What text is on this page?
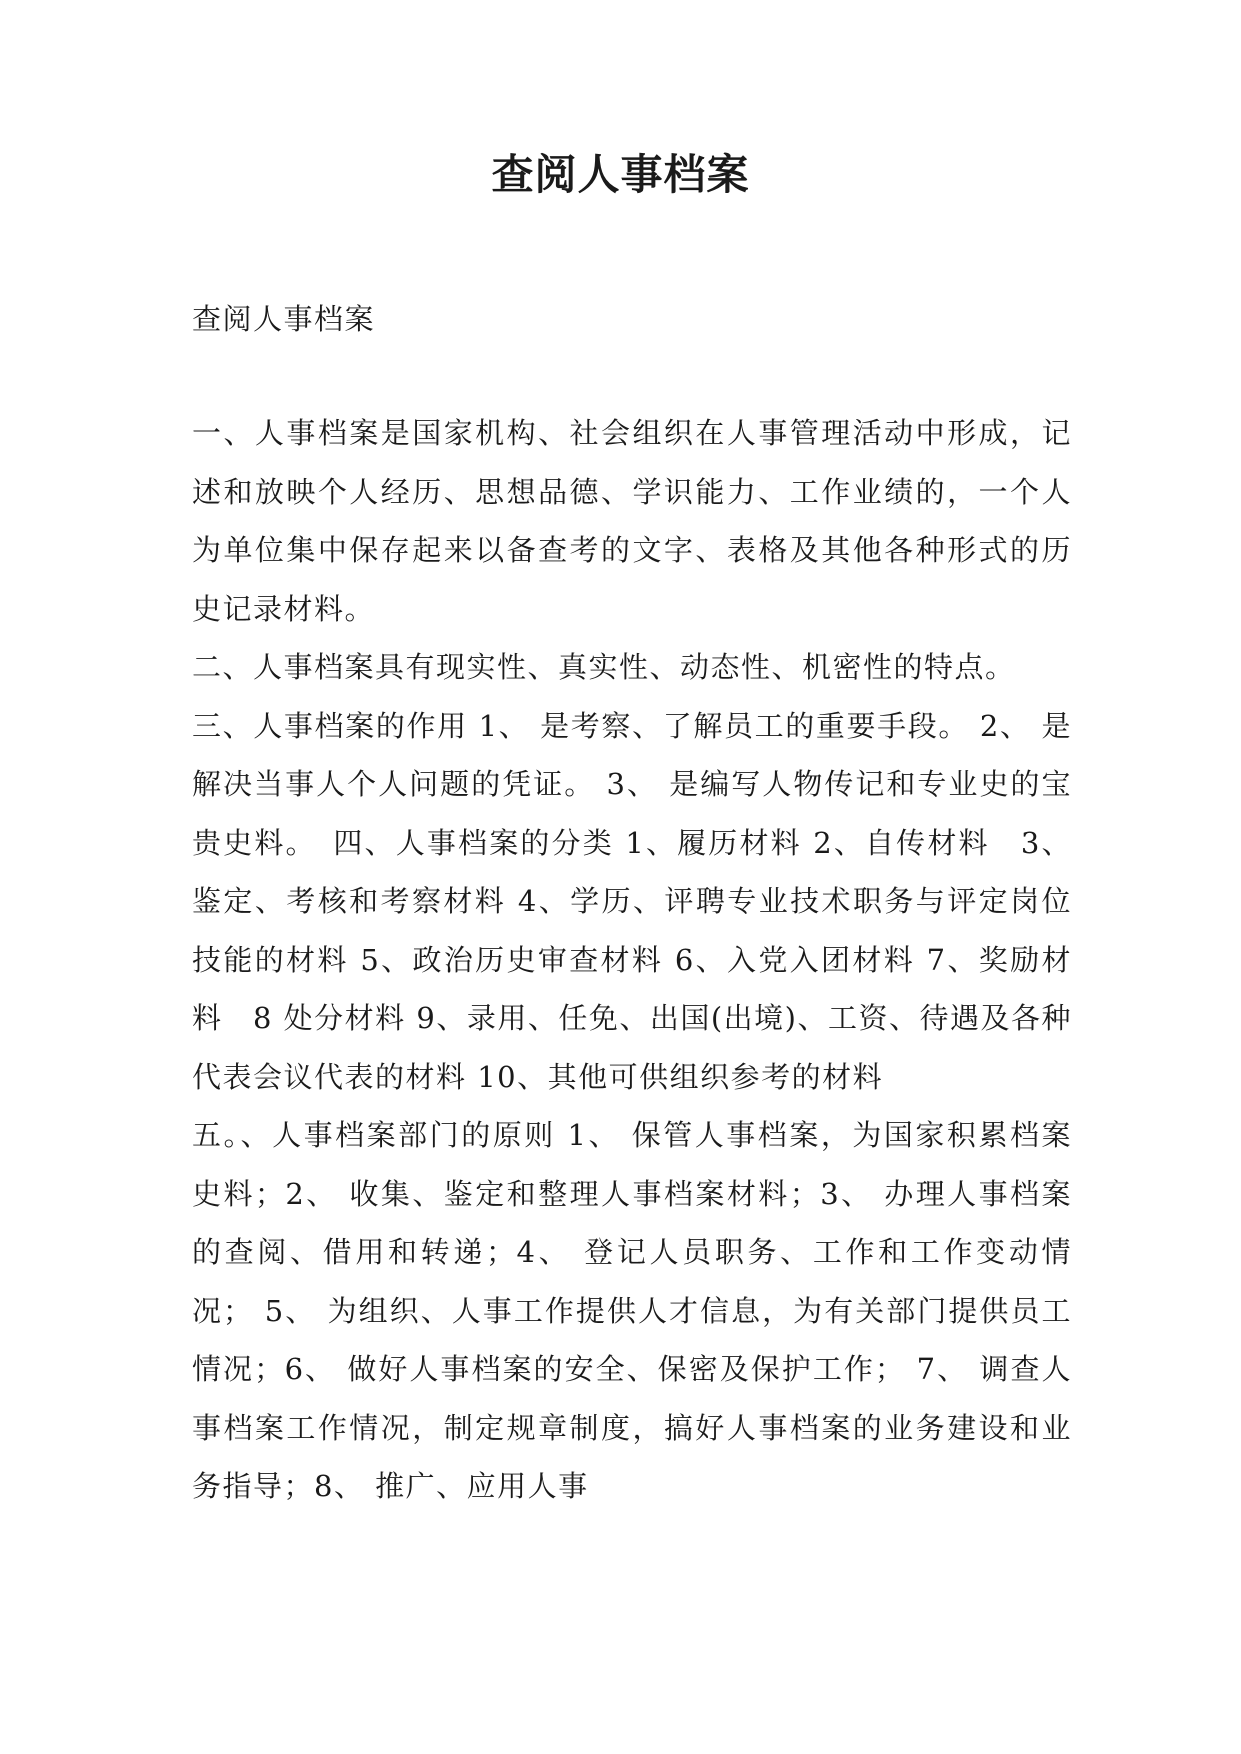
查阅人事档案

查阅人事档案

一、人事档案是国家机构、社会组织在人事管理活动中形成，记述和放映个人经历、思想品德、学识能力、工作业绩的，一个人为单位集中保存起来以备查考的文字、表格及其他各种形式的历史记录材料。

二、人事档案具有现实性、真实性、动态性、机密性的特点。

三、人事档案的作用 1、 是考察、了解员工的重要手段。 2、 是解决当事人个人问题的凭证。 3、 是编写人物传记和专业史的宝贵史料。　四、人事档案的分类 1、履历材料 2、自传材料　3、鉴定、考核和考察材料 4、学历、评聘专业技术职务与评定岗位技能的材料 5、政治历史审查材料 6、入党入团材料 7、奖励材料　8 处分材料 9、录用、任免、出国(出境)、工资、待遇及各种代表会议代表的材料 10、其他可供组织参考的材料

五。、人事档案部门的原则 1、 保管人事档案，为国家积累档案史料；2、 收集、鉴定和整理人事档案材料；3、 办理人事档案的查阅、借用和转递；4、 登记人员职务、工作和工作变动情况； 5、 为组织、人事工作提供人才信息，为有关部门提供员工情况；6、 做好人事档案的安全、保密及保护工作； 7、 调查人事档案工作情况，制定规章制度，搞好人事档案的业务建设和业务指导；8、 推广、应用人事
